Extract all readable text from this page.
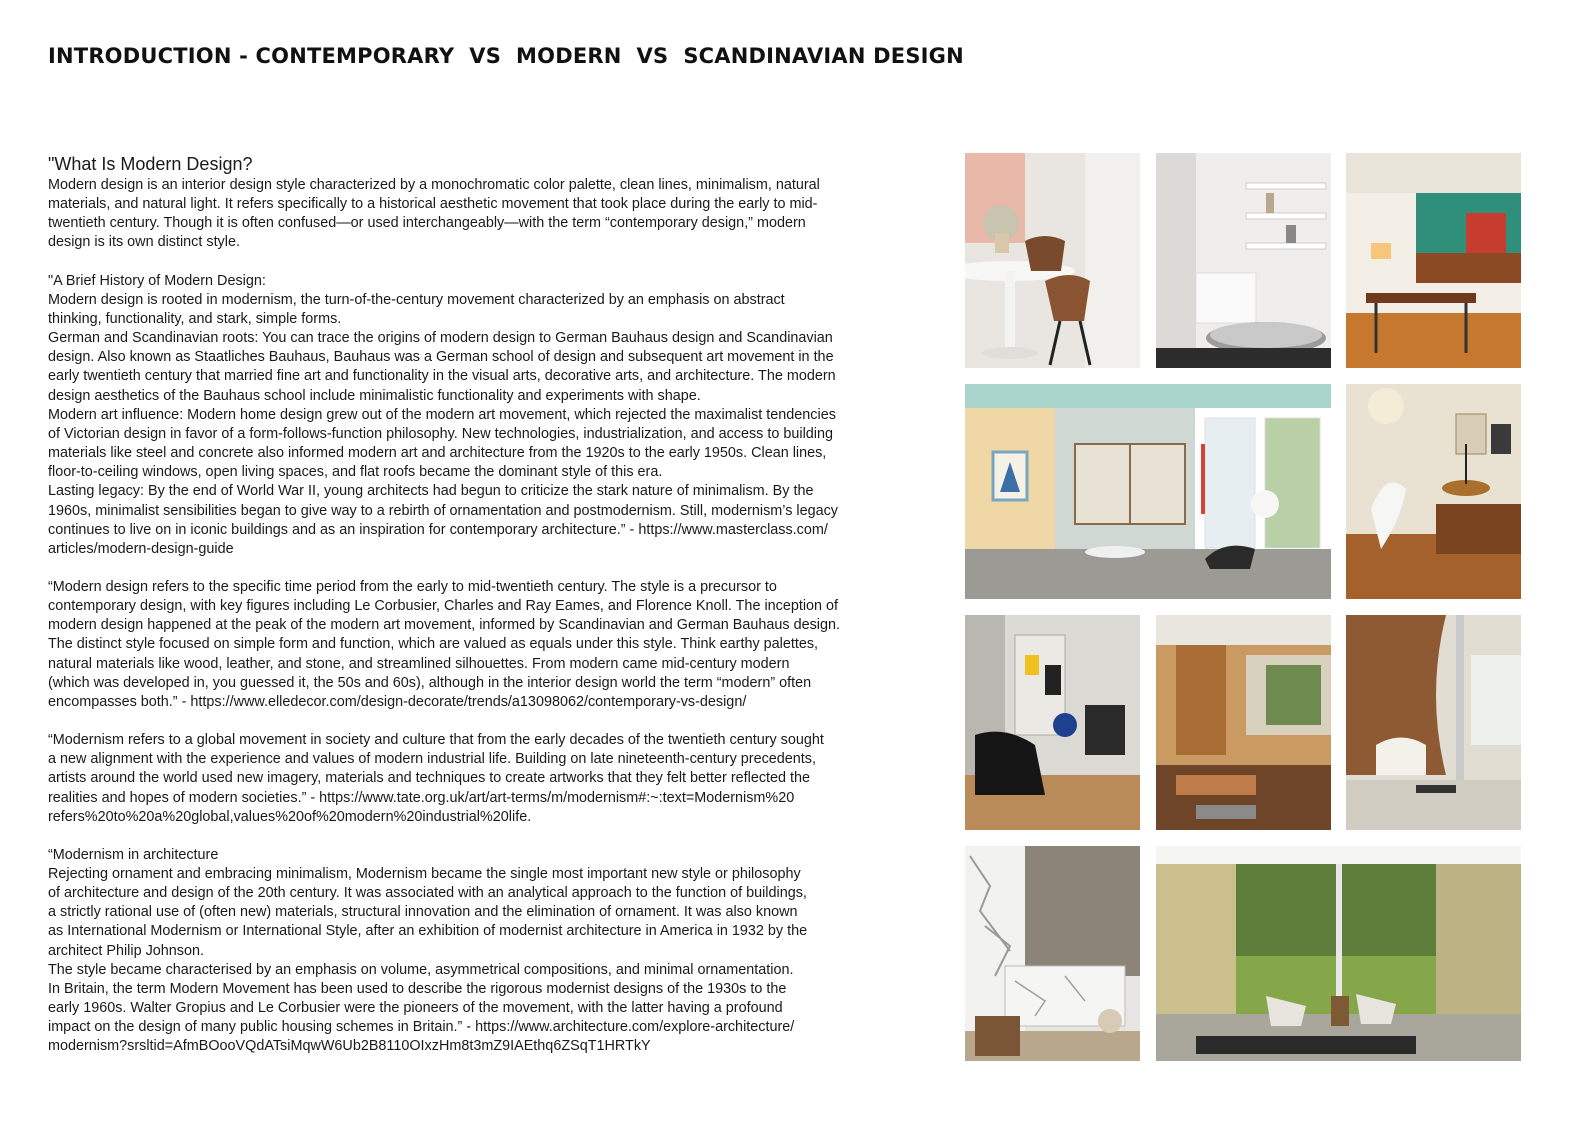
INTRODUCTION - CONTEMPORARY  VS  MODERN  VS  SCANDINAVIAN DESIGN

"What Is Modern Design?

Modern design is an interior design style characterized by a monochromatic color palette, clean lines, minimalism, natural
materials, and natural light. It refers specifically to a historical aesthetic movement that took place during the early to mid-
twentieth century. Though it is often confused—or used interchangeably—with the term “contemporary design,” modern
design is its own distinct style.

"A Brief History of Modern Design:

Modern design is rooted in modernism, the turn-of-the-century movement characterized by an emphasis on abstract
thinking, functionality, and stark, simple forms.

German and Scandinavian roots: You can trace the origins of modern design to German Bauhaus design and Scandinavian
design. Also known as Staatliches Bauhaus, Bauhaus was a German school of design and subsequent art movement in the
early twentieth century that married fine art and functionality in the visual arts, decorative arts, and architecture. The modern
design aesthetics of the Bauhaus school include minimalistic functionality and experiments with shape.

Modern art influence: Modern home design grew out of the modern art movement, which rejected the maximalist tendencies
of Victorian design in favor of a form-follows-function philosophy. New technologies, industrialization, and access to building
materials like steel and concrete also informed modern art and architecture from the 1920s to the early 1950s. Clean lines,
floor-to-ceiling windows, open living spaces, and flat roofs became the dominant style of this era.

Lasting legacy: By the end of World War II, young architects had begun to criticize the stark nature of minimalism. By the
1960s, minimalist sensibilities began to give way to a rebirth of ornamentation and postmodernism. Still, modernism’s legacy
continues to live on in iconic buildings and as an inspiration for contemporary architecture.” - https://www.masterclass.com/
articles/modern-design-guide

“Modern design refers to the specific time period from the early to mid-twentieth century. The style is a precursor to
contemporary design, with key figures including Le Corbusier, Charles and Ray Eames, and Florence Knoll. The inception of
modern design happened at the peak of the modern art movement, informed by Scandinavian and German Bauhaus design.
The distinct style focused on simple form and function, which are valued as equals under this style. Think earthy palettes,
natural materials like wood, leather, and stone, and streamlined silhouettes. From modern came mid-century modern
(which was developed in, you guessed it, the 50s and 60s), although in the interior design world the term “modern” often
encompasses both.” - https://www.elledecor.com/design-decorate/trends/a13098062/contemporary-vs-design/

“Modernism refers to a global movement in society and culture that from the early decades of the twentieth century sought
a new alignment with the experience and values of modern industrial life. Building on late nineteenth-century precedents,
artists around the world used new imagery, materials and techniques to create artworks that they felt better reflected the
realities and hopes of modern societies.” - https://www.tate.org.uk/art/art-terms/m/modernism#:~:text=Modernism%20
refers%20to%20a%20global,values%20of%20modern%20industrial%20life.

“Modernism in architecture

Rejecting ornament and embracing minimalism, Modernism became the single most important new style or philosophy
of architecture and design of the 20th century. It was associated with an analytical approach to the function of buildings,
a strictly rational use of (often new) materials, structural innovation and the elimination of ornament. It was also known
as International Modernism or International Style, after an exhibition of modernist architecture in America in 1932 by the
architect Philip Johnson.

The style became characterised by an emphasis on volume, asymmetrical compositions, and minimal ornamentation.
In Britain, the term Modern Movement has been used to describe the rigorous modernist designs of the 1930s to the
early 1960s. Walter Gropius and Le Corbusier were the pioneers of the movement, with the latter having a profound
impact on the design of many public housing schemes in Britain.” - https://www.architecture.com/explore-architecture/
modernism?srsltid=AfmBOooVQdATsiMqwW6Ub2B8110OIxzHm8t3mZ9IAEthq6ZSqT1HRTkY
